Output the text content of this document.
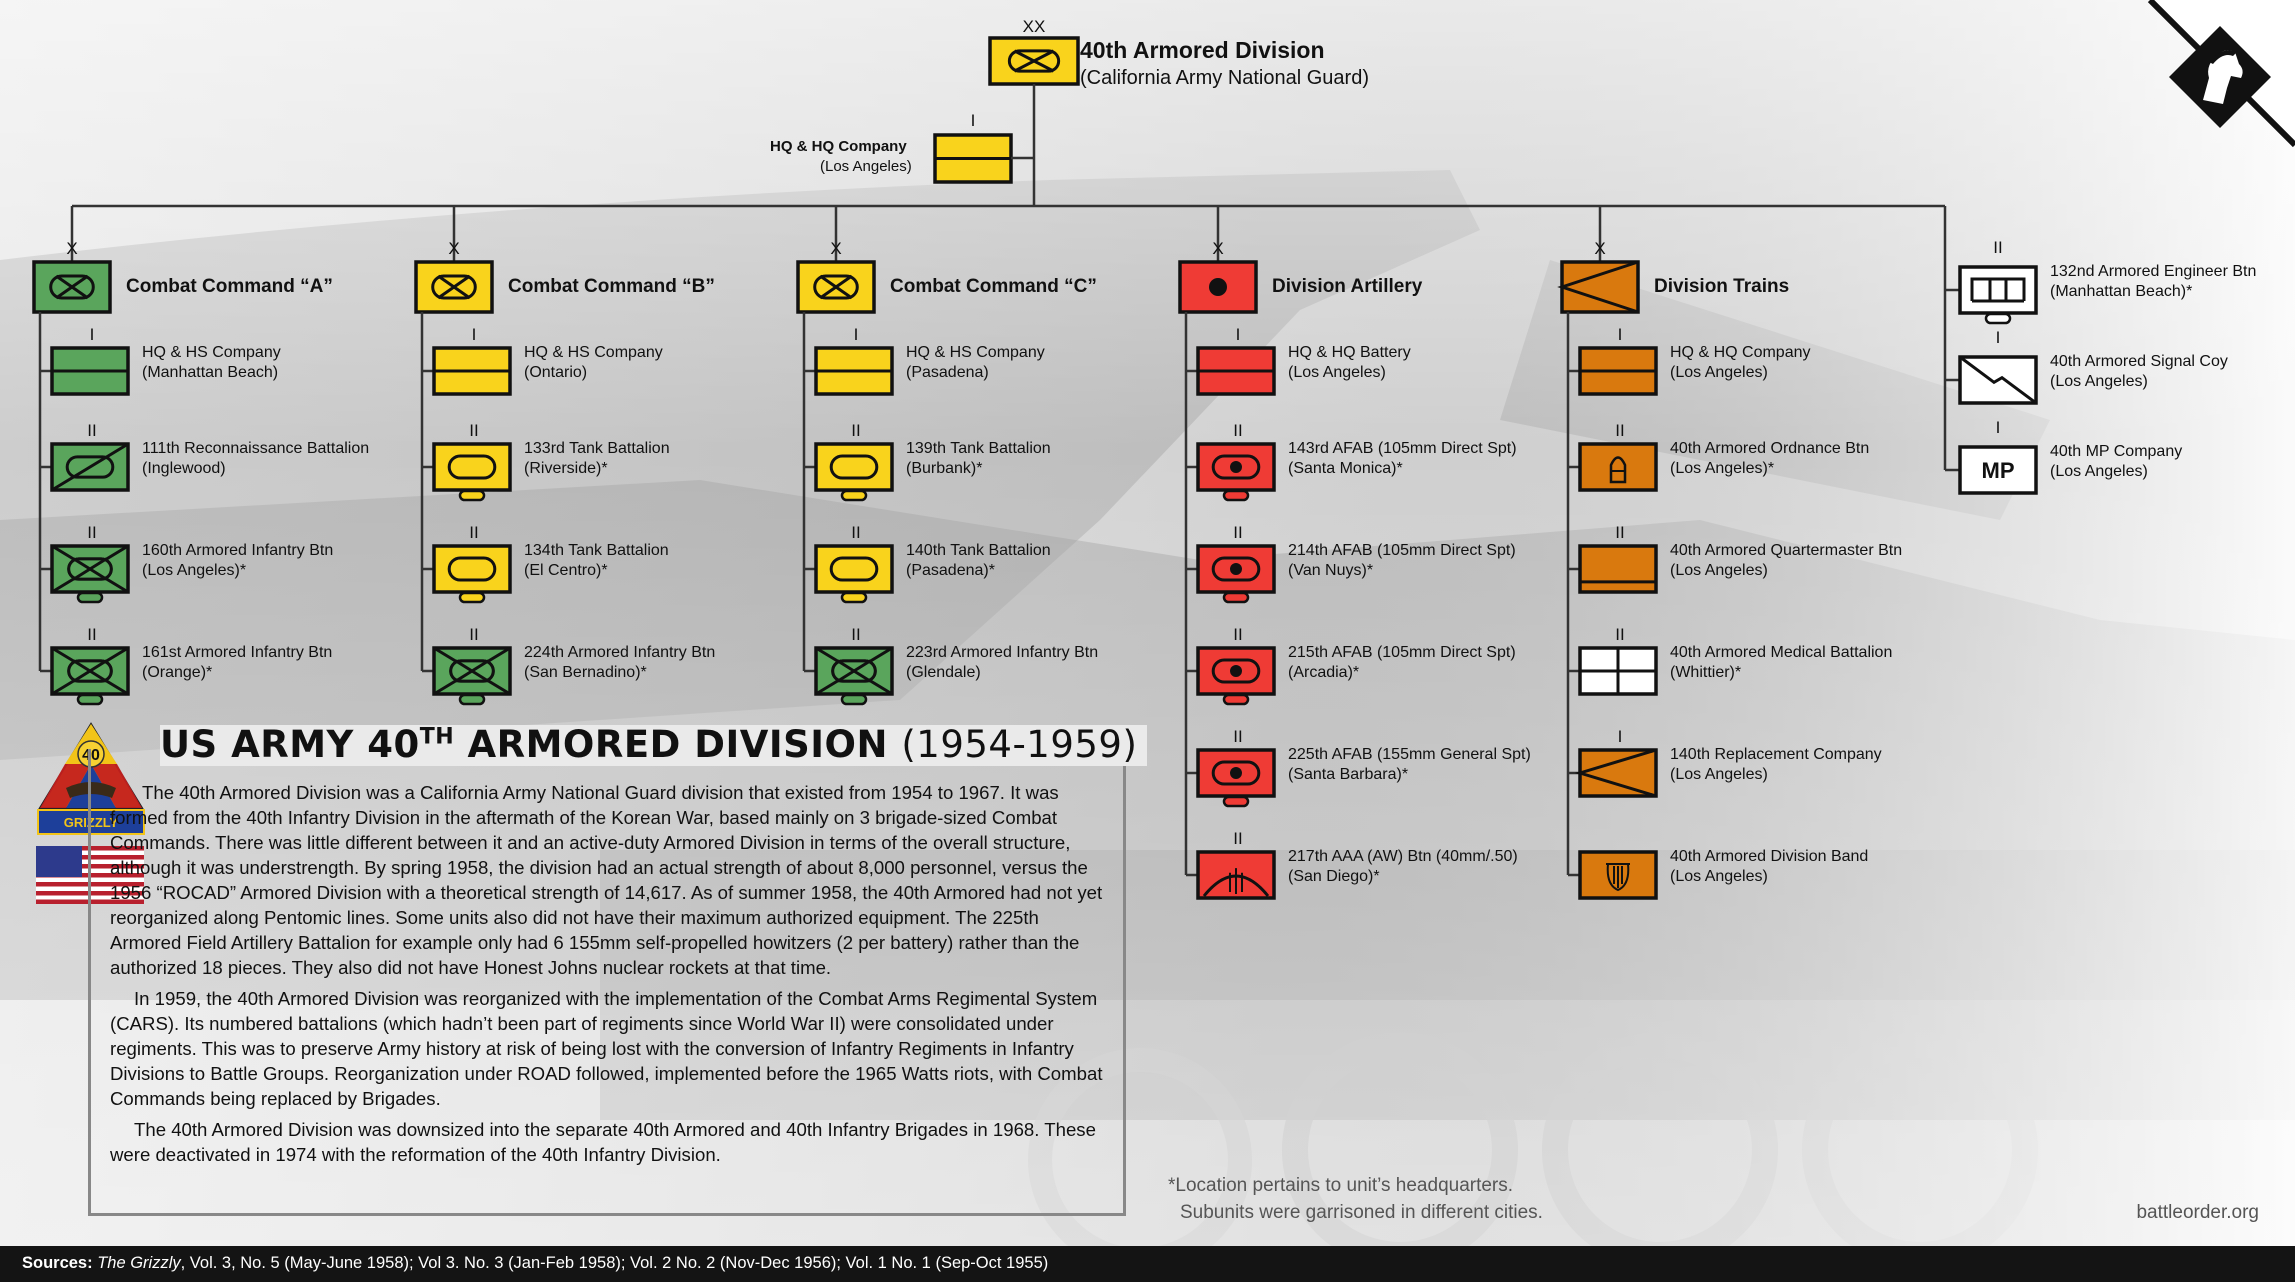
MP
XX
40th Armored Division
(California Army National Guard)
I
HQ & HQ Company
(Los Angeles)
X
Combat Command “A”
I
HQ & HS Company
(Manhattan Beach)
II
111th Reconnaissance Battalion
(Inglewood)
II
160th Armored Infantry Btn
(Los Angeles)*
II
161st Armored Infantry Btn
(Orange)*
X
Combat Command “B”
I
HQ & HS Company
(Ontario)
II
133rd Tank Battalion
(Riverside)*
II
134th Tank Battalion
(El Centro)*
II
224th Armored Infantry Btn
(San Bernadino)*
X
Combat Command “C”
I
HQ & HS Company
(Pasadena)
II
139th Tank Battalion
(Burbank)*
II
140th Tank Battalion
(Pasadena)*
II
223rd Armored Infantry Btn
(Glendale)
X
Division Artillery
I
HQ & HQ Battery
(Los Angeles)
II
143rd AFAB (105mm Direct Spt)
(Santa Monica)*
II
214th AFAB (105mm Direct Spt)
(Van Nuys)*
II
215th AFAB (105mm Direct Spt)
(Arcadia)*
II
225th AFAB (155mm General Spt)
(Santa Barbara)*
II
217th AAA (AW) Btn (40mm/.50)
(San Diego)*
X
Division Trains
I
HQ & HQ Company
(Los Angeles)
II
40th Armored Ordnance Btn
(Los Angeles)*
II
40th Armored Quartermaster Btn
(Los Angeles)
II
40th Armored Medical Battalion
(Whittier)*
I
140th Replacement Company
(Los Angeles)
40th Armored Division Band
(Los Angeles)
II
132nd Armored Engineer Btn
(Manhattan Beach)*
I
40th Armored Signal Coy
(Los Angeles)
I
40th MP Company
(Los Angeles)
40
GRIZZLY
US ARMY 40TH ARMORED DIVISION (1954-1959)

The 40th Armored Division was a California Army National Guard division that existed from 1954 to 1967. It was formed from the 40th Infantry Division in the aftermath of the Korean War, based mainly on 3 brigade-sized Combat Commands. There was little different between it and an active-duty Armored Division in terms of the overall structure, although it was understrength. By spring 1958, the division had an actual strength of about 8,000 personnel, versus the 1956 “ROCAD” Armored Division with a theoretical strength of 14,617. As of summer 1958, the 40th Armored had not yet reorganized along Pentomic lines. Some units also did not have their maximum authorized equipment. The 225th Armored Field Artillery Battalion for example only had 6 155mm self-propelled howitzers (2 per battery) rather than the authorized 18 pieces. They also did not have Honest Johns nuclear rockets at that time.

In 1959, the 40th Armored Division was reorganized with the implementation of the Combat Arms Regimental System (CARS). Its numbered battalions (which hadn’t been part of regiments since World War II) were consolidated under regiments. This was to preserve Army history at risk of being lost with the conversion of Infantry Regiments in Infantry Divisions to Battle Groups. Reorganization under ROAD followed, implemented before the 1965 Watts riots, with Combat Commands being replaced by Brigades.

The 40th Armored Division was downsized into the separate 40th Armored and 40th Infantry Brigades in 1968. These were deactivated in 1974 with the reformation of the 40th Infantry Division.

*Location pertains to unit’s headquarters.
Subunits were garrisoned in different cities.	battleorder.org
Sources: The Grizzly, Vol. 3, No. 5 (May-June 1958); Vol 3. No. 3 (Jan-Feb 1958); Vol. 2 No. 2 (Nov-Dec 1956); Vol. 1 No. 1 (Sep-Oct 1955)
